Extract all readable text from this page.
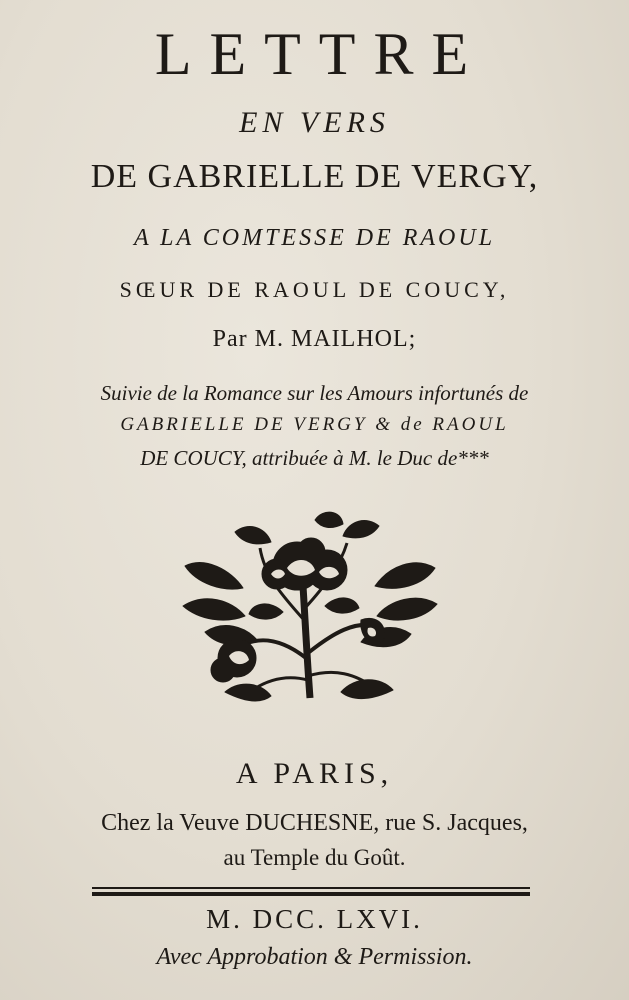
LETTRE
EN VERS
DE GABRIELLE DE VERGY,
A LA COMTESSE DE RAOUL
SŒUR DE RAOUL DE COUCY,
Par M. MAILHOL;
Suivie de la Romance sur les Amours infortunés de
GABRIELLE DE VERGY & de RAOUL
DE COUCY, attribuée à M. le Duc de***
A PARIS,
Chez la Veuve DUCHESNE, rue S. Jacques,
au Temple du Goût.
M. DCC. LXVI.
Avec Approbation & Permission.
